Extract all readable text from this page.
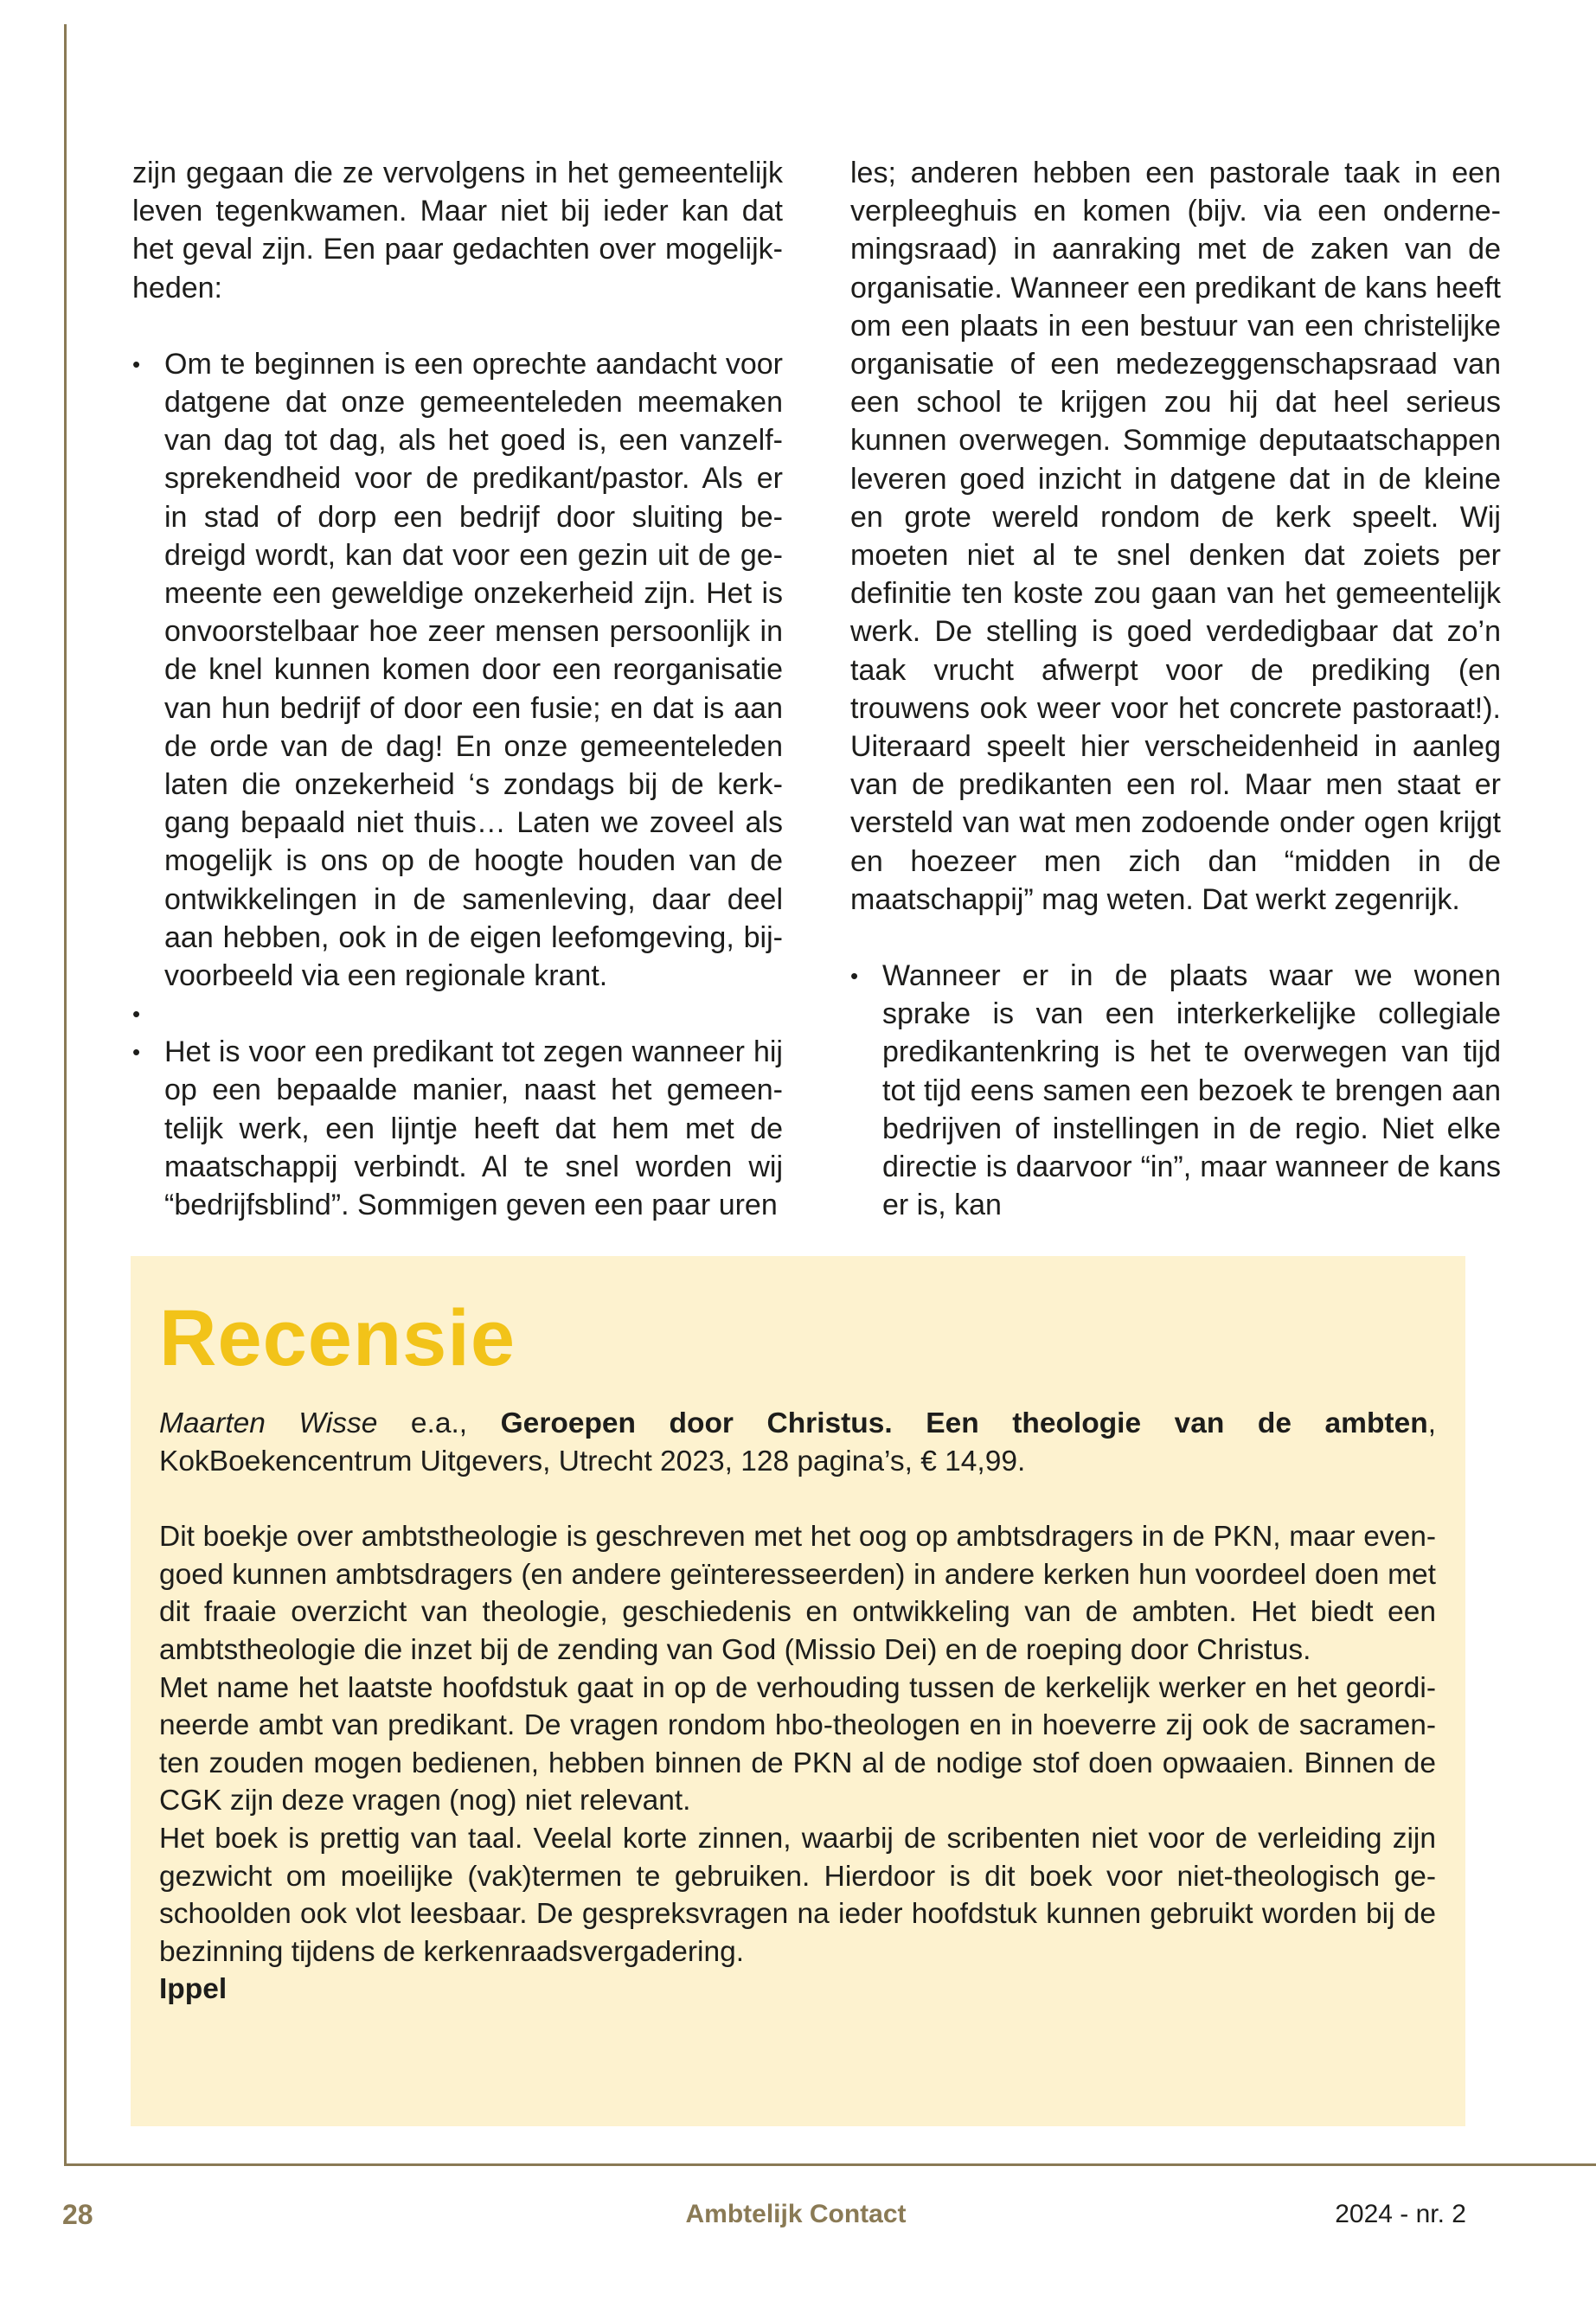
zijn gegaan die ze vervolgens in het gemeentelijk leven tegenkwamen. Maar niet bij ieder kan dat het geval zijn. Een paar gedachten over mogelijkheden:

• Om te beginnen is een oprechte aandacht voor datgene dat onze gemeenteleden meemaken van dag tot dag, als het goed is, een vanzelfsprekendheid voor de predikant/pastor. Als er in stad of dorp een bedrijf door sluiting bedreigd wordt, kan dat voor een gezin uit de gemeente een geweldige onzekerheid zijn. Het is onvoorstelbaar hoe zeer mensen persoonlijk in de knel kunnen komen door een reorganisatie van hun bedrijf of door een fusie; en dat is aan de orde van de dag! En onze gemeenteleden laten die onzekerheid ‘s zondags bij de kerkgang bepaald niet thuis… Laten we zoveel als mogelijk is ons op de hoogte houden van de ontwikkelingen in de samenleving, daar deel aan hebben, ook in de eigen leefomgeving, bijvoorbeeld via een regionale krant.
•
• Het is voor een predikant tot zegen wanneer hij op een bepaalde manier, naast het gemeentelijk werk, een lijntje heeft dat hem met de maatschappij verbindt. Al te snel worden wij “bedrijfsblind”. Sommigen geven een paar uren

les; anderen hebben een pastorale taak in een verpleeghuis en komen (bijv. via een ondernemingsraad) in aanraking met de zaken van de organisatie. Wanneer een predikant de kans heeft om een plaats in een bestuur van een christelijke organisatie of een medezeggenschapsraad van een school te krijgen zou hij dat heel serieus kunnen overwegen. Sommige deputaatschappen leveren goed inzicht in datgene dat in de kleine en grote wereld rondom de kerk speelt. Wij moeten niet al te snel denken dat zoiets per definitie ten koste zou gaan van het gemeentelijk werk. De stelling is goed verdedigbaar dat zo’n taak vrucht afwerpt voor de prediking (en trouwens ook weer voor het concrete pastoraat!). Uiteraard speelt hier verscheidenheid in aanleg van de predikanten een rol. Maar men staat er versteld van wat men zodoende onder ogen krijgt en hoezeer men zich dan “midden in de maatschappij” mag weten. Dat werkt zegenrijk.

• Wanneer er in de plaats waar we wonen sprake is van een interkerkelijke collegiale predikantenkring is het te overwegen van tijd tot tijd eens samen een bezoek te brengen aan bedrijven of instellingen in de regio. Niet elke directie is daarvoor “in”, maar wanneer de kans er is, kan
Recensie

Maarten Wisse e.a., Geroepen door Christus. Een theologie van de ambten, KokBoekencentrum Uitgevers, Utrecht 2023, 128 pagina’s, € 14,99.

Dit boekje over ambtstheologie is geschreven met het oog op ambtsdragers in de PKN, maar evengoed kunnen ambtsdragers (en andere geïnteresseerden) in andere kerken hun voordeel doen met dit fraaie overzicht van theologie, geschiedenis en ontwikkeling van de ambten. Het biedt een ambtstheologie die inzet bij de zending van God (Missio Dei) en de roeping door Christus.

Met name het laatste hoofdstuk gaat in op de verhouding tussen de kerkelijk werker en het geordineerde ambt van predikant. De vragen rondom hbo-theologen en in hoeverre zij ook de sacramenten zouden mogen bedienen, hebben binnen de PKN al de nodige stof doen opwaaien. Binnen de CGK zijn deze vragen (nog) niet relevant.

Het boek is prettig van taal. Veelal korte zinnen, waarbij de scribenten niet voor de verleiding zijn gezwicht om moeilijke (vak)termen te gebruiken. Hierdoor is dit boek voor niet-theologisch geschoolden ook vlot leesbaar. De gespreksvragen na ieder hoofdstuk kunnen gebruikt worden bij de bezinning tijdens de kerkenraadsvergadering.

Ippel

28	Ambtelijk Contact	2024 - nr. 2
